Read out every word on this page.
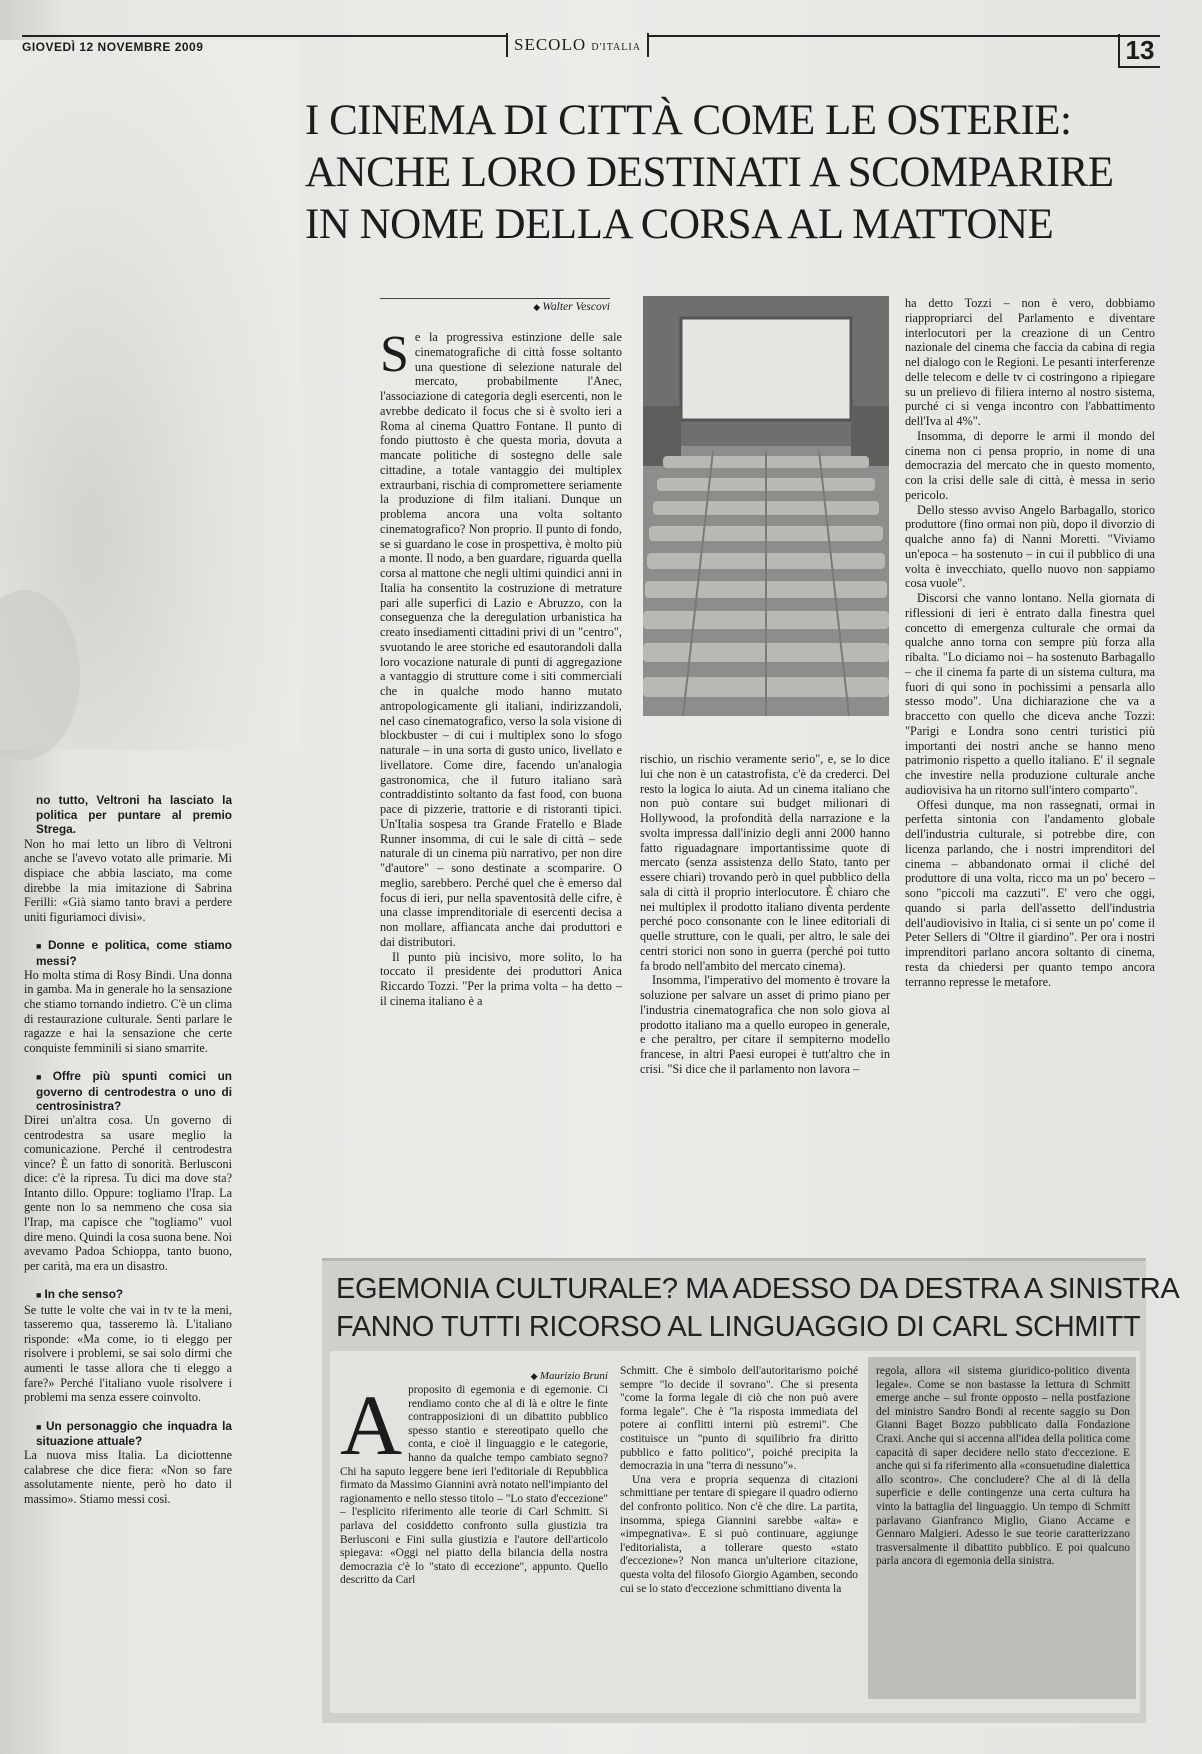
GIOVEDÌ 12 NOVEMBRE 2009	SECOLO D'ITALIA	13
I CINEMA DI CITTÀ COME LE OSTERIE:
ANCHE LORO DESTINATI A SCOMPARIRE
IN NOME DELLA CORSA AL MATTONE
◆ Walter Vescovi

Se la progressiva estinzione delle sale cinematografiche di città fosse soltanto una questione di selezione naturale del mercato, probabilmente l'Anec, l'associazione di categoria degli esercenti, non le avrebbe dedicato il focus che si è svolto ieri a Roma al cinema Quattro Fontane. Il punto di fondo piuttosto è che questa morìa, dovuta a mancate politiche di sostegno delle sale cittadine, a totale vantaggio dei multiplex extraurbani, rischia di compromettere seriamente la produzione di film italiani. Dunque un problema ancora una volta soltanto cinematografico? Non proprio. Il punto di fondo, se si guardano le cose in prospettiva, è molto più a monte. Il nodo, a ben guardare, riguarda quella corsa al mattone che negli ultimi quindici anni in Italia ha consentito la costruzione di metrature pari alle superfici di Lazio e Abruzzo, con la conseguenza che la deregulation urbanistica ha creato insediamenti cittadini privi di un "centro", svuotando le aree storiche ed esautorandoli dalla loro vocazione naturale di punti di aggregazione a vantaggio di strutture come i siti commerciali che in qualche modo hanno mutato antropologicamente gli italiani, indirizzandoli, nel caso cinematografico, verso la sola visione di blockbuster – di cui i multiplex sono lo sfogo naturale – in una sorta di gusto unico, livellato e livellatore. Come dire, facendo un'analogia gastronomica, che il futuro italiano sarà contraddistinto soltanto da fast food, con buona pace di pizzerie, trattorie e di ristoranti tipici. Un'Italia sospesa tra Grande Fratello e Blade Runner insomma, di cui le sale di città – sede naturale di un cinema più narrativo, per non dire "d'autore" – sono destinate a scomparire. O meglio, sarebbero. Perché quel che è emerso dal focus di ieri, pur nella spaventosità delle cifre, è una classe imprenditoriale di esercenti decisa a non mollare, affiancata anche dai produttori e dai distributori.

Il punto più incisivo, more solito, lo ha toccato il presidente dei produttori Anica Riccardo Tozzi. "Per la prima volta – ha detto – il cinema italiano è a

rischio, un rischio veramente serio", e, se lo dice lui che non è un catastrofista, c'è da crederci. Del resto la logica lo aiuta. Ad un cinema italiano che non può contare sui budget milionari di Hollywood, la profondità della narrazione e la svolta impressa dall'inizio degli anni 2000 hanno fatto riguadagnare importantissime quote di mercato (senza assistenza dello Stato, tanto per essere chiari) trovando però in quel pubblico della sala di città il proprio interlocutore. È chiaro che nei multiplex il prodotto italiano diventa perdente perché poco consonante con le linee editoriali di quelle strutture, con le quali, per altro, le sale dei centri storici non sono in guerra (perché poi tutto fa brodo nell'ambito del mercato cinema).

Insomma, l'imperativo del momento è trovare la soluzione per salvare un asset di primo piano per l'industria cinematografica che non solo giova al prodotto italiano ma a quello europeo in generale, e che peraltro, per citare il sempiterno modello francese, in altri Paesi europei è tutt'altro che in crisi. "Si dice che il parlamento non lavora –

ha detto Tozzi – non è vero, dobbiamo riappropriarci del Parlamento e diventare interlocutori per la creazione di un Centro nazionale del cinema che faccia da cabina di regia nel dialogo con le Regioni. Le pesanti interferenze delle telecom e delle tv ci costringono a ripiegare su un prelievo di filiera interno al nostro sistema, purché ci si venga incontro con l'abbattimento dell'Iva al 4%".

Insomma, di deporre le armi il mondo del cinema non ci pensa proprio, in nome di una democrazia del mercato che in questo momento, con la crisi delle sale di città, è messa in serio pericolo.

Dello stesso avviso Angelo Barbagallo, storico produttore (fino ormai non più, dopo il divorzio di qualche anno fa) di Nanni Moretti. "Viviamo un'epoca – ha sostenuto – in cui il pubblico di una volta è invecchiato, quello nuovo non sappiamo cosa vuole".

Discorsi che vanno lontano. Nella giornata di riflessioni di ieri è entrato dalla finestra quel concetto di emergenza culturale che ormai da qualche anno torna con sempre più forza alla ribalta. "Lo diciamo noi – ha sostenuto Barbagallo – che il cinema fa parte di un sistema cultura, ma fuori di qui sono in pochissimi a pensarla allo stesso modo". Una dichiarazione che va a braccetto con quello che diceva anche Tozzi: "Parigi e Londra sono centri turistici più importanti dei nostri anche se hanno meno patrimonio rispetto a quello italiano. E' il segnale che investire nella produzione culturale anche audiovisiva ha un ritorno sull'intero comparto".

Offesi dunque, ma non rassegnati, ormai in perfetta sintonia con l'andamento globale dell'industria culturale, si potrebbe dire, con licenza parlando, che i nostri imprenditori del cinema – abbandonato ormai il cliché del produttore di una volta, ricco ma un po' becero – sono "piccoli ma cazzuti". E' vero che oggi, quando si parla dell'assetto dell'industria dell'audiovisivo in Italia, ci si sente un po' come il Peter Sellers di "Oltre il giardino". Per ora i nostri imprenditori parlano ancora soltanto di cinema, resta da chiedersi per quanto tempo ancora terranno represse le metafore.

no tutto, Veltroni ha lasciato la politica per puntare al premio Strega.

Non ho mai letto un libro di Veltroni anche se l'avevo votato alle primarie. Mi dispiace che abbia lasciato, ma come direbbe la mia imitazione di Sabrina Ferilli: «Già siamo tanto bravi a perdere uniti figuriamoci divisi».

■ Donne e politica, come stiamo messi?

Ho molta stima di Rosy Bindi. Una donna in gamba. Ma in generale ho la sensazione che stiamo tornando indietro. C'è un clima di restaurazione culturale. Senti parlare le ragazze e hai la sensazione che certe conquiste femminili si siano smarrite.

■ Offre più spunti comici un governo di centrodestra o uno di centrosinistra?

Direi un'altra cosa. Un governo di centrodestra sa usare meglio la comunicazione. Perché il centrodestra vince? È un fatto di sonorità. Berlusconi dice: c'è la ripresa. Tu dici ma dove sta? Intanto dillo. Oppure: togliamo l'Irap. La gente non lo sa nemmeno che cosa sia l'Irap, ma capisce che "togliamo" vuol dire meno. Quindi la cosa suona bene. Noi avevamo Padoa Schioppa, tanto buono, per carità, ma era un disastro.

■ In che senso?

Se tutte le volte che vai in tv te la meni, tasseremo qua, tasseremo là. L'italiano risponde: «Ma come, io ti eleggo per risolvere i problemi, se sai solo dirmi che aumenti le tasse allora che ti eleggo a fare?» Perché l'italiano vuole risolvere i problemi ma senza essere coinvolto.

■ Un personaggio che inquadra la situazione attuale?

La nuova miss Italia. La diciottenne calabrese che dice fiera: «Non so fare assolutamente niente, però ho dato il massimo». Stiamo messi così.

EGEMONIA CULTURALE? MA ADESSO DA DESTRA A SINISTRA
FANNO TUTTI RICORSO AL LINGUAGGIO DI CARL SCHMITT
◆ Maurizio Bruni

Aproposito di egemonia e di egemonie. Ci rendiamo conto che al di là e oltre le finte contrapposizioni di un dibattito pubblico spesso stantio e stereotipato quello che conta, e cioè il linguaggio e le categorie, hanno da qualche tempo cambiato segno? Chi ha saputo leggere bene ieri l'editoriale di Repubblica firmato da Massimo Giannini avrà notato nell'impianto del ragionamento e nello stesso titolo – "Lo stato d'eccezione" – l'esplicito riferimento alle teorie di Carl Schmitt. Si parlava del cosiddetto confronto sulla giustizia tra Berlusconi e Fini sulla giustizia e l'autore dell'articolo spiegava: «Oggi nel piatto della bilancia della nostra democrazia c'è lo "stato di eccezione", appunto. Quello descritto da Carl

Schmitt. Che è simbolo dell'autoritarismo poiché sempre "lo decide il sovrano". Che si presenta "come la forma legale di ciò che non può avere forma legale". Che è "la risposta immediata del potere ai conflitti interni più estremi". Che costituisce un "punto di squilibrio fra diritto pubblico e fatto politico", poiché precipita la democrazia in una "terra di nessuno"».

Una vera e propria sequenza di citazioni schmittiane per tentare di spiegare il quadro odierno del confronto politico. Non c'è che dire. La partita, insomma, spiega Giannini sarebbe «alta» e «impegnativa». E si può continuare, aggiunge l'editorialista, a tollerare questo «stato d'eccezione»? Non manca un'ulteriore citazione, questa volta del filosofo Giorgio Agamben, secondo cui se lo stato d'eccezione schmittiano diventa la

regola, allora «il sistema giuridico-politico diventa legale». Come se non bastasse la lettura di Schmitt emerge anche – sul fronte opposto – nella postfazione del ministro Sandro Bondi al recente saggio su Don Gianni Baget Bozzo pubblicato dalla Fondazione Craxi. Anche qui si accenna all'idea della politica come capacità di saper decidere nello stato d'eccezione. E anche qui si fa riferimento alla «consuetudine dialettica allo scontro». Che concludere? Che al di là della superficie e delle contingenze una certa cultura ha vinto la battaglia del linguaggio. Un tempo di Schmitt parlavano Gianfranco Miglio, Giano Accame e Gennaro Malgieri. Adesso le sue teorie caratterizzano trasversalmente il dibattito pubblico. E poi qualcuno parla ancora di egemonia della sinistra.
